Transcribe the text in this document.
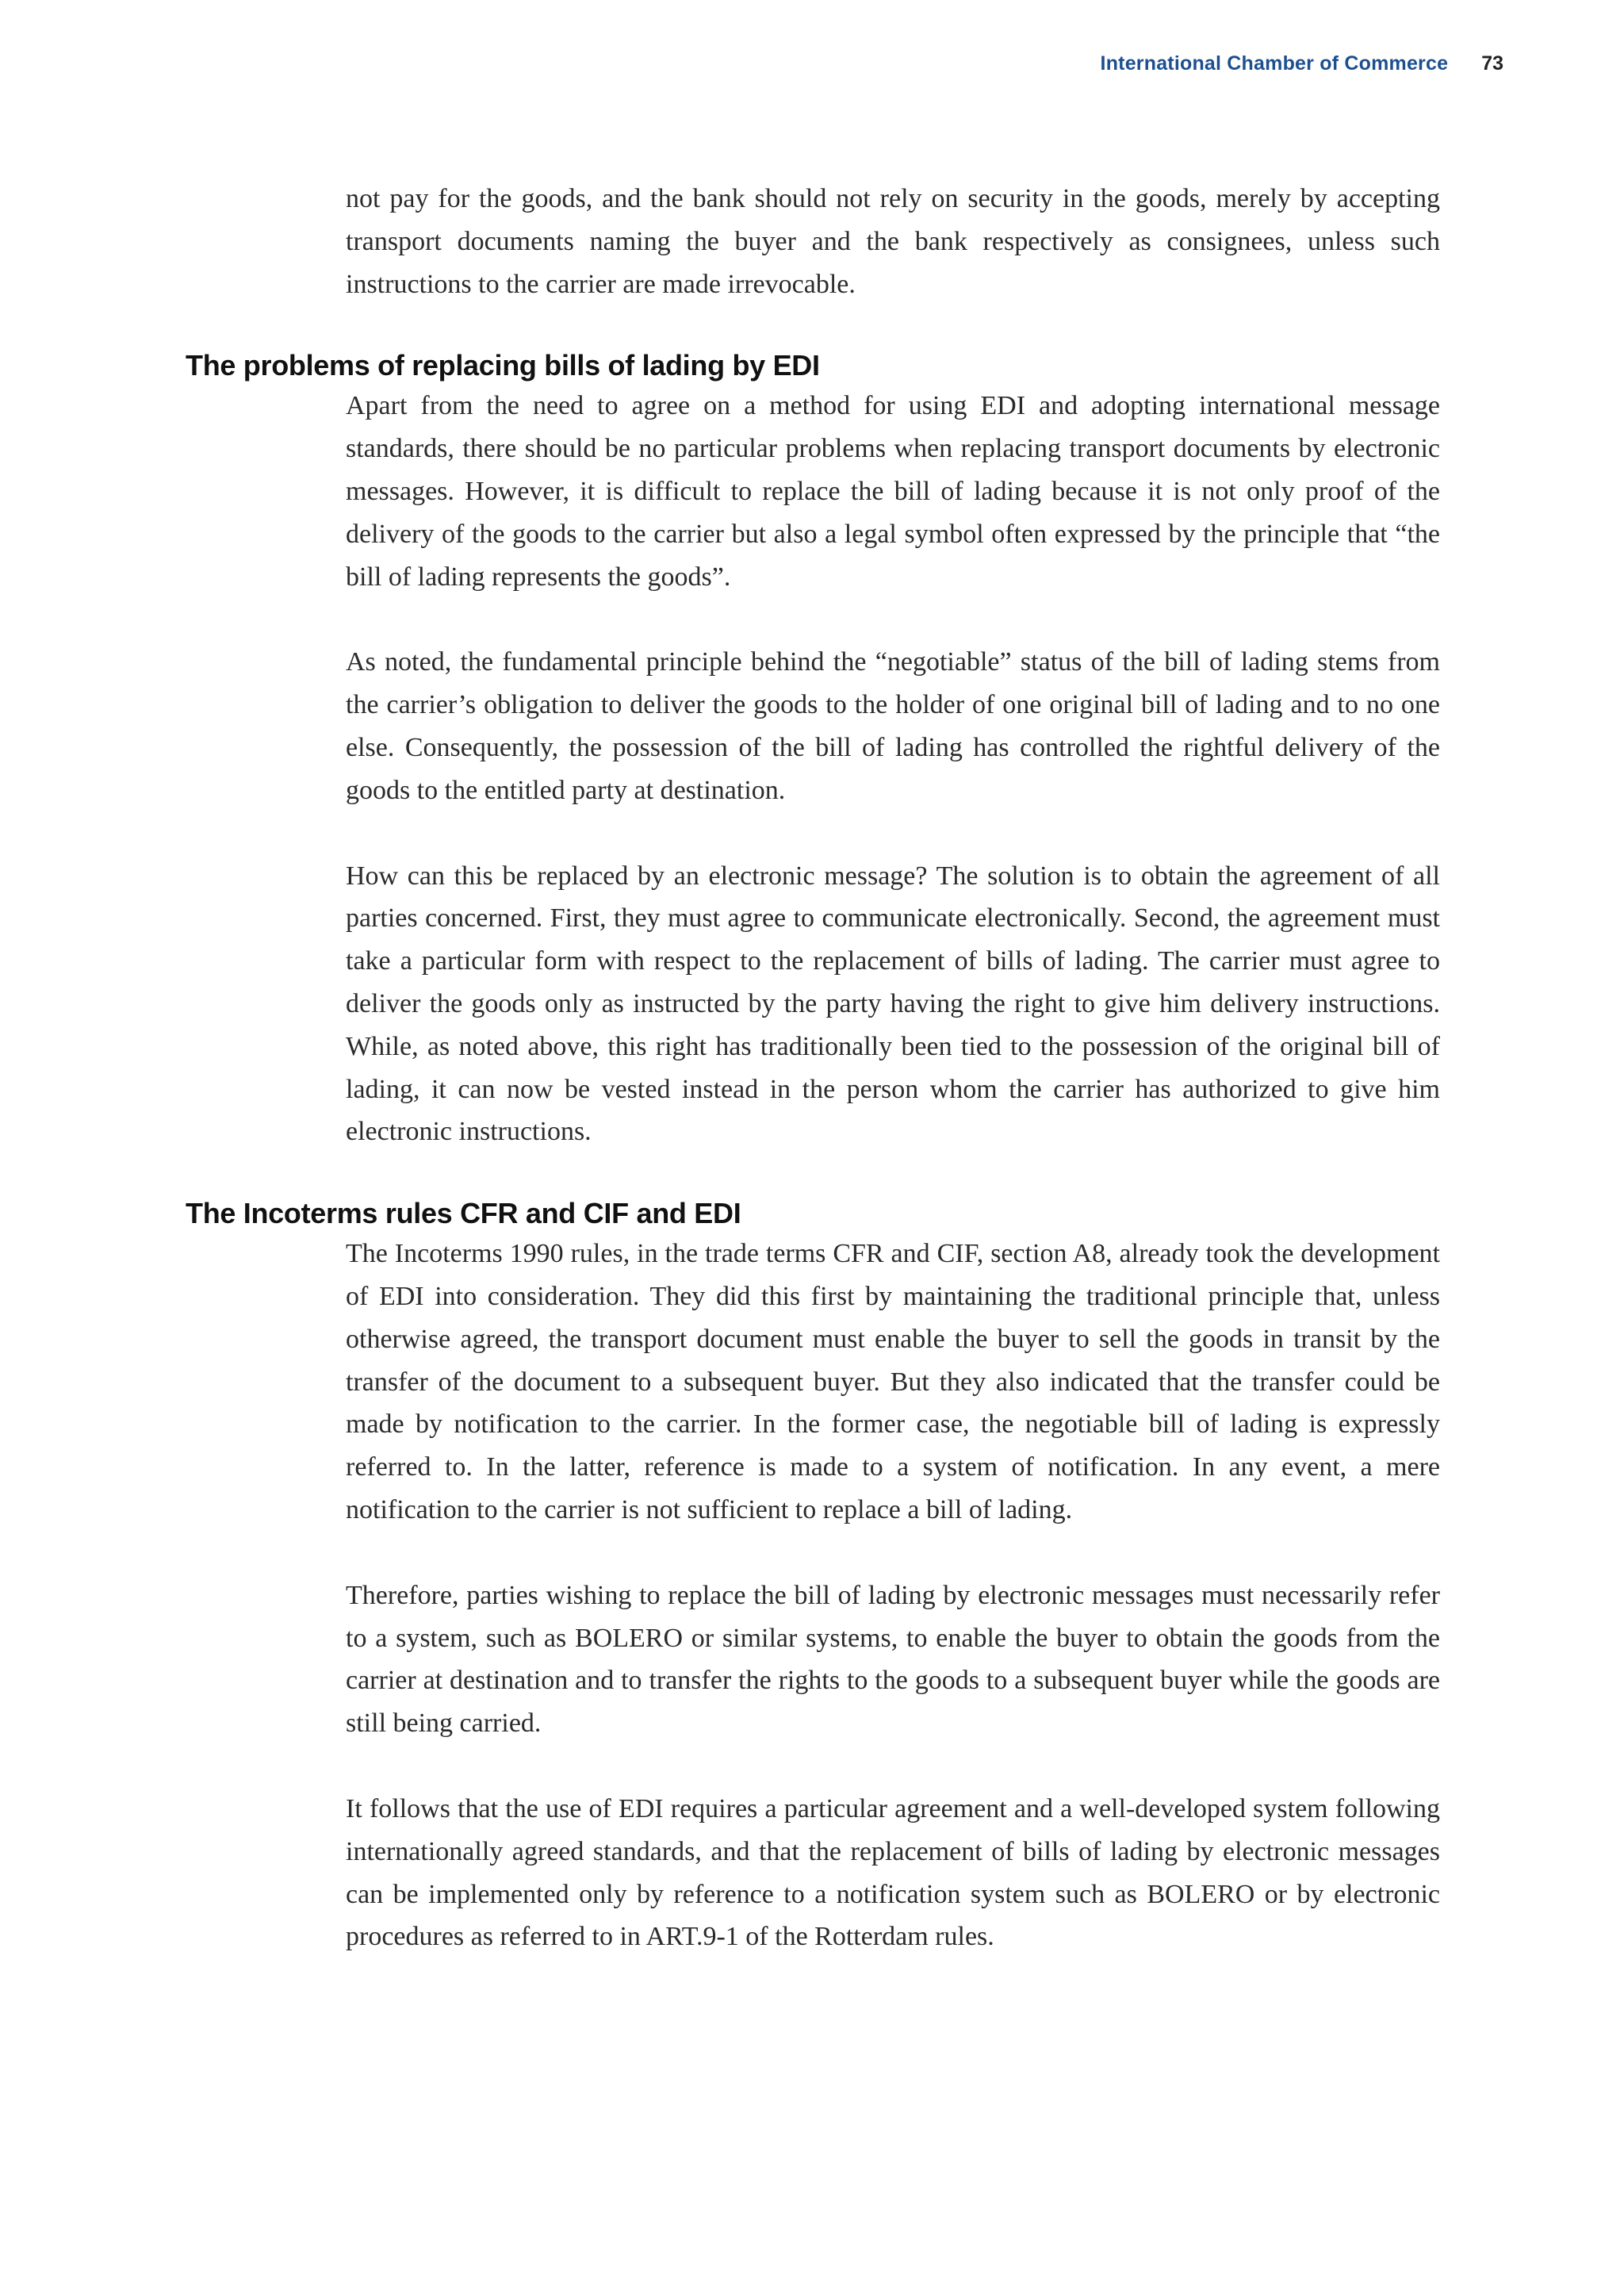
International Chamber of Commerce 73

not pay for the goods, and the bank should not rely on security in the goods, merely by accepting transport documents naming the buyer and the bank respectively as consignees, unless such instructions to the carrier are made irrevocable.

The problems of replacing bills of lading by EDI

Apart from the need to agree on a method for using EDI and adopting international message standards, there should be no particular problems when replacing transport documents by electronic messages. However, it is difficult to replace the bill of lading because it is not only proof of the delivery of the goods to the carrier but also a legal symbol often expressed by the principle that “the bill of lading represents the goods”.

As noted, the fundamental principle behind the “negotiable” status of the bill of lading stems from the carrier’s obligation to deliver the goods to the holder of one original bill of lading and to no one else. Consequently, the possession of the bill of lading has controlled the rightful delivery of the goods to the entitled party at destination.

How can this be replaced by an electronic message? The solution is to obtain the agreement of all parties concerned. First, they must agree to communicate electronically. Second, the agreement must take a particular form with respect to the replacement of bills of lading. The carrier must agree to deliver the goods only as instructed by the party having the right to give him delivery instructions. While, as noted above, this right has traditionally been tied to the possession of the original bill of lading, it can now be vested instead in the person whom the carrier has authorized to give him electronic instructions.

The Incoterms rules CFR and CIF and EDI

The Incoterms 1990 rules, in the trade terms CFR and CIF, section A8, already took the development of EDI into consideration. They did this first by maintaining the traditional principle that, unless otherwise agreed, the transport document must enable the buyer to sell the goods in transit by the transfer of the document to a subsequent buyer. But they also indicated that the transfer could be made by notification to the carrier. In the former case, the negotiable bill of lading is expressly referred to. In the latter, reference is made to a system of notification. In any event, a mere notification to the carrier is not sufficient to replace a bill of lading.

Therefore, parties wishing to replace the bill of lading by electronic messages must necessarily refer to a system, such as BOLERO or similar systems, to enable the buyer to obtain the goods from the carrier at destination and to transfer the rights to the goods to a subsequent buyer while the goods are still being carried.

It follows that the use of EDI requires a particular agreement and a well-developed system following internationally agreed standards, and that the replacement of bills of lading by electronic messages can be implemented only by reference to a notification system such as BOLERO or by electronic procedures as referred to in ART.9-1 of the Rotterdam rules.
